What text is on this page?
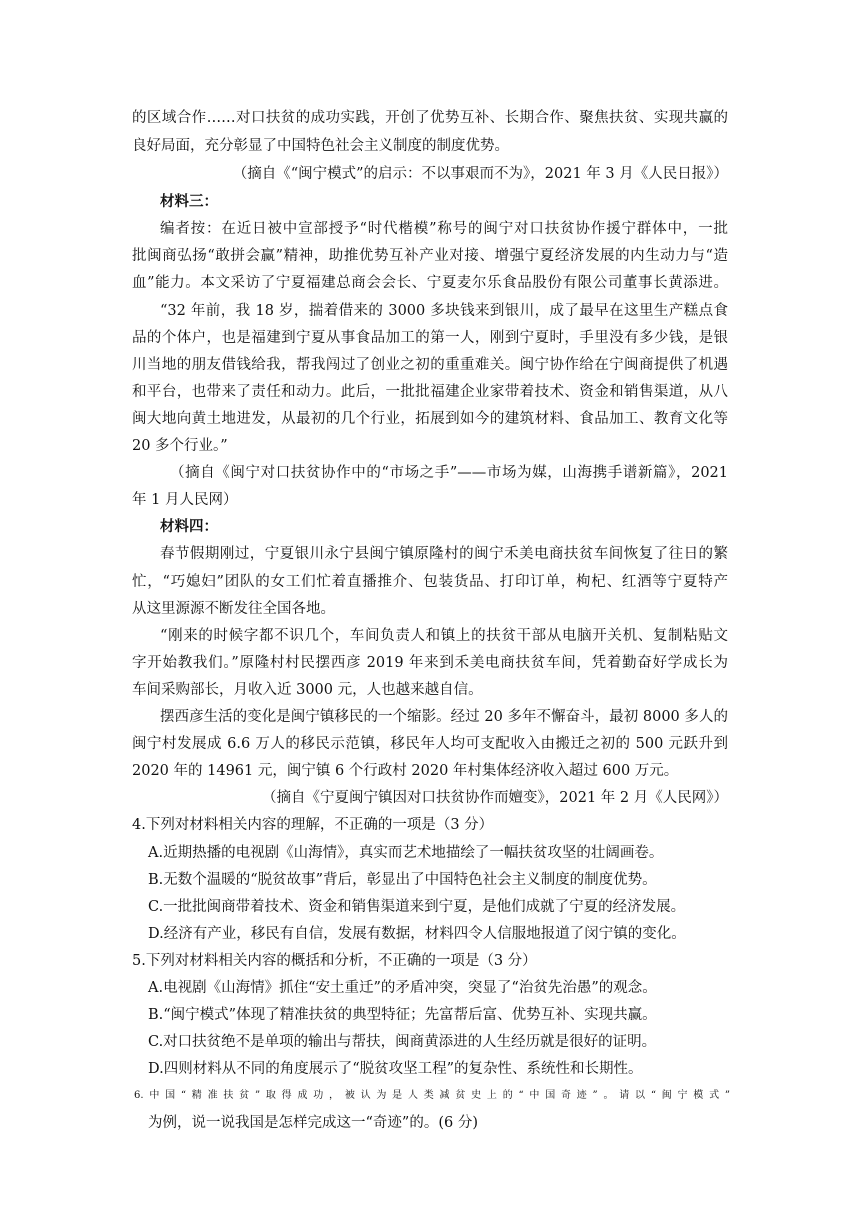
的区域合作……对口扶贫的成功实践，开创了优势互补、长期合作、聚焦扶贫、实现共赢的
良好局面，充分彰显了中国特色社会主义制度的制度优势。
（摘自《“闽宁模式”的启示：不以事艰而不为》，2021 年 3 月《人民日报》）
材料三：
编者按：在近日被中宣部授予“时代楷模”称号的闽宁对口扶贫协作援宁群体中，一批
批闽商弘扬“敢拼会赢”精神，助推优势互补产业对接、增强宁夏经济发展的内生动力与“造
血”能力。本文采访了宁夏福建总商会会长、宁夏麦尔乐食品股份有限公司董事长黄添进。
“32 年前，我 18 岁，揣着借来的 3000 多块钱来到银川，成了最早在这里生产糕点食
品的个体户，也是福建到宁夏从事食品加工的第一人，刚到宁夏时，手里没有多少钱，是银
川当地的朋友借钱给我，帮我闯过了创业之初的重重难关。闽宁协作给在宁闽商提供了机遇
和平台，也带来了责任和动力。此后，一批批福建企业家带着技术、资金和销售渠道，从八
闽大地向黄土地进发，从最初的几个行业，拓展到如今的建筑材料、食品加工、教育文化等
20 多个行业。”
（摘自《闽宁对口扶贫协作中的“市场之手”——市场为媒，山海携手谱新篇》，2021
年 1 月人民网）
材料四：
春节假期刚过，宁夏银川永宁县闽宁镇原隆村的闽宁禾美电商扶贫车间恢复了往日的繁
忙，“巧媳妇”团队的女工们忙着直播推介、包装货品、打印订单，枸杞、红酒等宁夏特产
从这里源源不断发往全国各地。
“刚来的时候字都不识几个，车间负责人和镇上的扶贫干部从电脑开关机、复制粘贴文
字开始教我们。”原隆村村民摆西彦 2019 年来到禾美电商扶贫车间，凭着勤奋好学成长为
车间采购部长，月收入近 3000 元，人也越来越自信。
摆西彦生活的变化是闽宁镇移民的一个缩影。经过 20 多年不懈奋斗，最初 8000 多人的
闽宁村发展成 6.6 万人的移民示范镇，移民年人均可支配收入由搬迁之初的 500 元跃升到
2020 年的 14961 元，闽宁镇 6 个行政村 2020 年村集体经济收入超过 600 万元。
（摘自《宁夏闽宁镇因对口扶贫协作而嬗变》，2021 年 2 月《人民网》）
4.下列对材料相关内容的理解，不正确的一项是（3 分）
A.近期热播的电视剧《山海情》，真实而艺术地描绘了一幅扶贫攻坚的壮阔画卷。
B.无数个温暖的“脱贫故事”背后，彰显出了中国特色社会主义制度的制度优势。
C.一批批闽商带着技术、资金和销售渠道来到宁夏，是他们成就了宁夏的经济发展。
D.经济有产业，移民有自信，发展有数据，材料四令人信服地报道了闵宁镇的变化。
5.下列对材料相关内容的概括和分析，不正确的一项是（3 分）
A.电视剧《山海情》抓住“安土重迁”的矛盾冲突，突显了“治贫先治愚”的观念。
B.“闽宁模式”体现了精准扶贫的典型特征；先富帮后富、优势互补、实现共赢。
C.对口扶贫绝不是单项的输出与帮扶，闽商黄添进的人生经历就是很好的证明。
D.四则材料从不同的角度展示了“脱贫攻坚工程”的复杂性、系统性和长期性。
6.中国“精准扶贫”取得成功，被认为是人类减贫史上的“中国奇迹”。请以“闽宁模式”
为例，说一说我国是怎样完成这一“奇迹”的。(6 分)
